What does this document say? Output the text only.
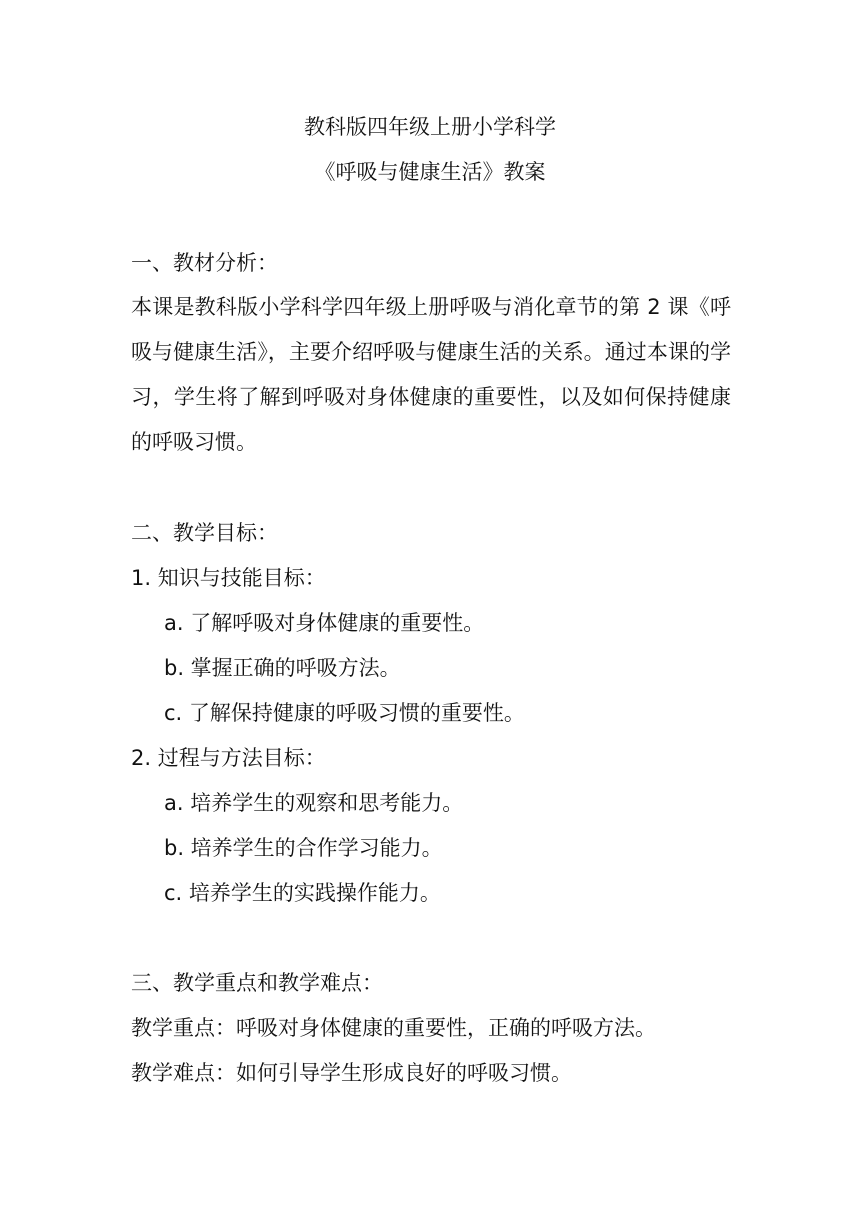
教科版四年级上册小学科学
《呼吸与健康生活》教案
一、教材分析：
本课是教科版小学科学四年级上册呼吸与消化章节的第 2 课《呼吸与健康生活》，主要介绍呼吸与健康生活的关系。通过本课的学习，学生将了解到呼吸对身体健康的重要性，以及如何保持健康的呼吸习惯。
二、教学目标：
1. 知识与技能目标：
a. 了解呼吸对身体健康的重要性。
b. 掌握正确的呼吸方法。
c. 了解保持健康的呼吸习惯的重要性。
2. 过程与方法目标：
a. 培养学生的观察和思考能力。
b. 培养学生的合作学习能力。
c. 培养学生的实践操作能力。
三、教学重点和教学难点：
教学重点：呼吸对身体健康的重要性，正确的呼吸方法。
教学难点：如何引导学生形成良好的呼吸习惯。
